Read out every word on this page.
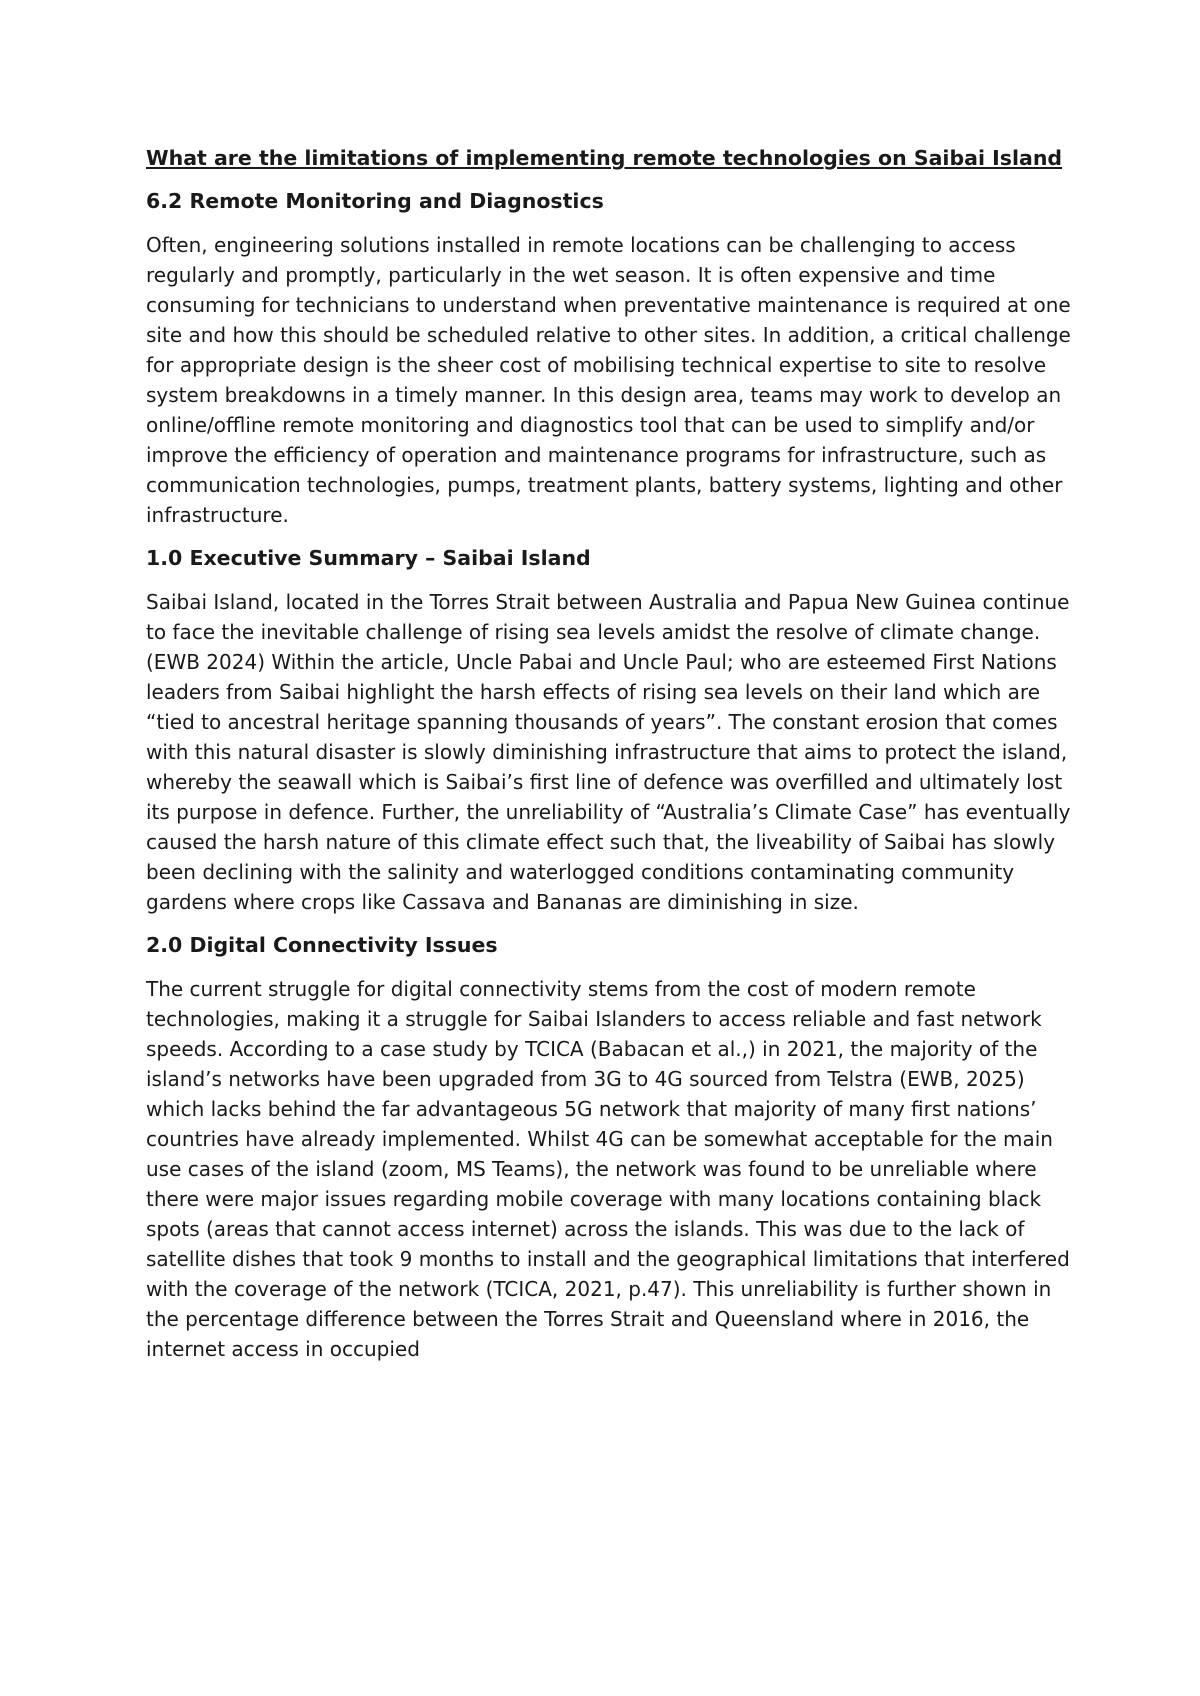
What are the limitations of implementing remote technologies on Saibai Island
6.2 Remote Monitoring and Diagnostics
Often, engineering solutions installed in remote locations can be challenging to access regularly and promptly, particularly in the wet season. It is often expensive and time consuming for technicians to understand when preventative maintenance is required at one site and how this should be scheduled relative to other sites. In addition, a critical challenge for appropriate design is the sheer cost of mobilising technical expertise to site to resolve system breakdowns in a timely manner. In this design area, teams may work to develop an online/offline remote monitoring and diagnostics tool that can be used to simplify and/or improve the efficiency of operation and maintenance programs for infrastructure, such as communication technologies, pumps, treatment plants, battery systems, lighting and other infrastructure.
1.0 Executive Summary – Saibai Island
Saibai Island, located in the Torres Strait between Australia and Papua New Guinea continue to face the inevitable challenge of rising sea levels amidst the resolve of climate change. (EWB 2024) Within the article, Uncle Pabai and Uncle Paul; who are esteemed First Nations leaders from Saibai highlight the harsh effects of rising sea levels on their land which are “tied to ancestral heritage spanning thousands of years”. The constant erosion that comes with this natural disaster is slowly diminishing infrastructure that aims to protect the island, whereby the seawall which is Saibai’s first line of defence was overfilled and ultimately lost its purpose in defence. Further, the unreliability of “Australia’s Climate Case” has eventually caused the harsh nature of this climate effect such that, the liveability of Saibai has slowly been declining with the salinity and waterlogged conditions contaminating community gardens where crops like Cassava and Bananas are diminishing in size.
2.0 Digital Connectivity Issues
The current struggle for digital connectivity stems from the cost of modern remote technologies, making it a struggle for Saibai Islanders to access reliable and fast network speeds. According to a case study by TCICA (Babacan et al.,) in 2021, the majority of the island’s networks have been upgraded from 3G to 4G sourced from Telstra (EWB, 2025) which lacks behind the far advantageous 5G network that majority of many first nations’ countries have already implemented. Whilst 4G can be somewhat acceptable for the main use cases of the island (zoom, MS Teams), the network was found to be unreliable where there were major issues regarding mobile coverage with many locations containing black spots (areas that cannot access internet) across the islands. This was due to the lack of satellite dishes that took 9 months to install and the geographical limitations that interfered with the coverage of the network (TCICA, 2021, p.47). This unreliability is further shown in the percentage difference between the Torres Strait and Queensland where in 2016, the internet access in occupied
